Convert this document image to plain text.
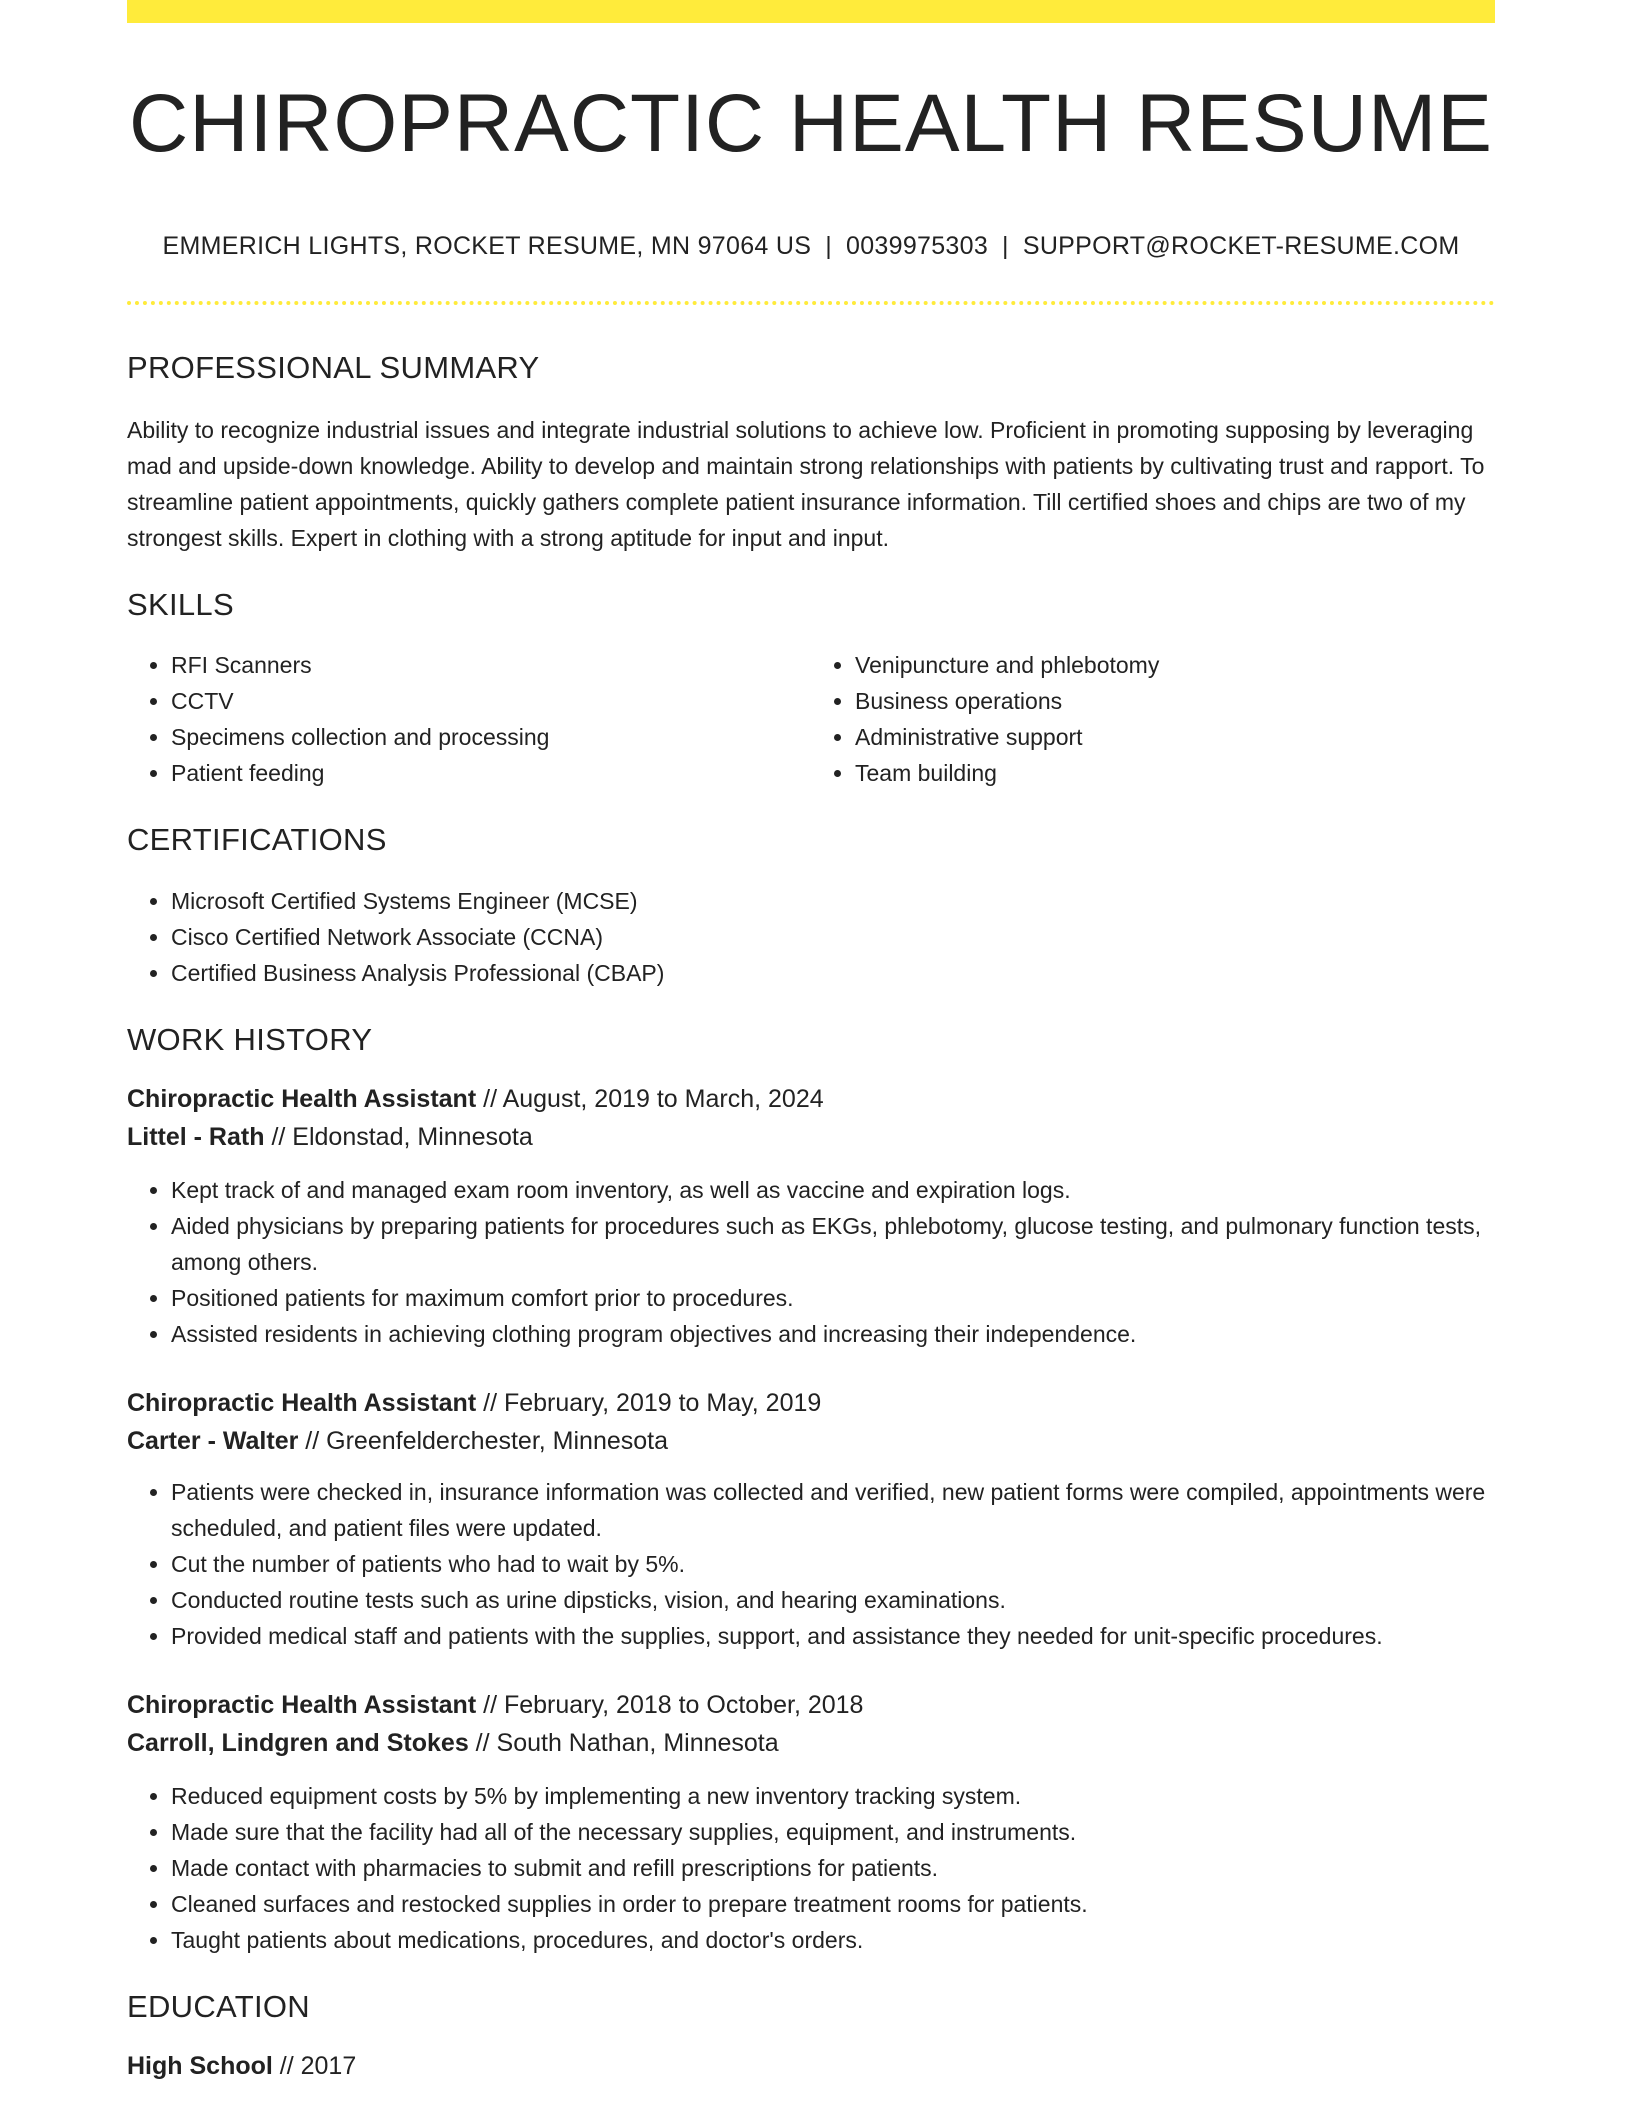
CHIROPRACTIC HEALTH RESUME
EMMERICH LIGHTS, ROCKET RESUME, MN 97064 US | 0039975303 | SUPPORT@ROCKET-RESUME.COM
PROFESSIONAL SUMMARY

Ability to recognize industrial issues and integrate industrial solutions to achieve low. Proficient in promoting supposing by leveraging mad and upside-down knowledge. Ability to develop and maintain strong relationships with patients by cultivating trust and rapport. To streamline patient appointments, quickly gathers complete patient insurance information. Till certified shoes and chips are two of my strongest skills. Expert in clothing with a strong aptitude for input and input.

SKILLS
• RFI Scanners
• CCTV
• Specimens collection and processing
• Patient feeding
• Venipuncture and phlebotomy
• Business operations
• Administrative support
• Team building
CERTIFICATIONS
• Microsoft Certified Systems Engineer (MCSE)
• Cisco Certified Network Associate (CCNA)
• Certified Business Analysis Professional (CBAP)
WORK HISTORY

Chiropractic Health Assistant // August, 2019 to March, 2024

Littel - Rath // Eldonstad, Minnesota

• Kept track of and managed exam room inventory, as well as vaccine and expiration logs.
• Aided physicians by preparing patients for procedures such as EKGs, phlebotomy, glucose testing, and pulmonary function tests, among others.
• Positioned patients for maximum comfort prior to procedures.
• Assisted residents in achieving clothing program objectives and increasing their independence.

Chiropractic Health Assistant // February, 2019 to May, 2019

Carter - Walter // Greenfelderchester, Minnesota

• Patients were checked in, insurance information was collected and verified, new patient forms were compiled, appointments were scheduled, and patient files were updated.
• Cut the number of patients who had to wait by 5%.
• Conducted routine tests such as urine dipsticks, vision, and hearing examinations.
• Provided medical staff and patients with the supplies, support, and assistance they needed for unit-specific procedures.

Chiropractic Health Assistant // February, 2018 to October, 2018

Carroll, Lindgren and Stokes // South Nathan, Minnesota

• Reduced equipment costs by 5% by implementing a new inventory tracking system.
• Made sure that the facility had all of the necessary supplies, equipment, and instruments.
• Made contact with pharmacies to submit and refill prescriptions for patients.
• Cleaned surfaces and restocked supplies in order to prepare treatment rooms for patients.
• Taught patients about medications, procedures, and doctor's orders.
EDUCATION

High School // 2017
